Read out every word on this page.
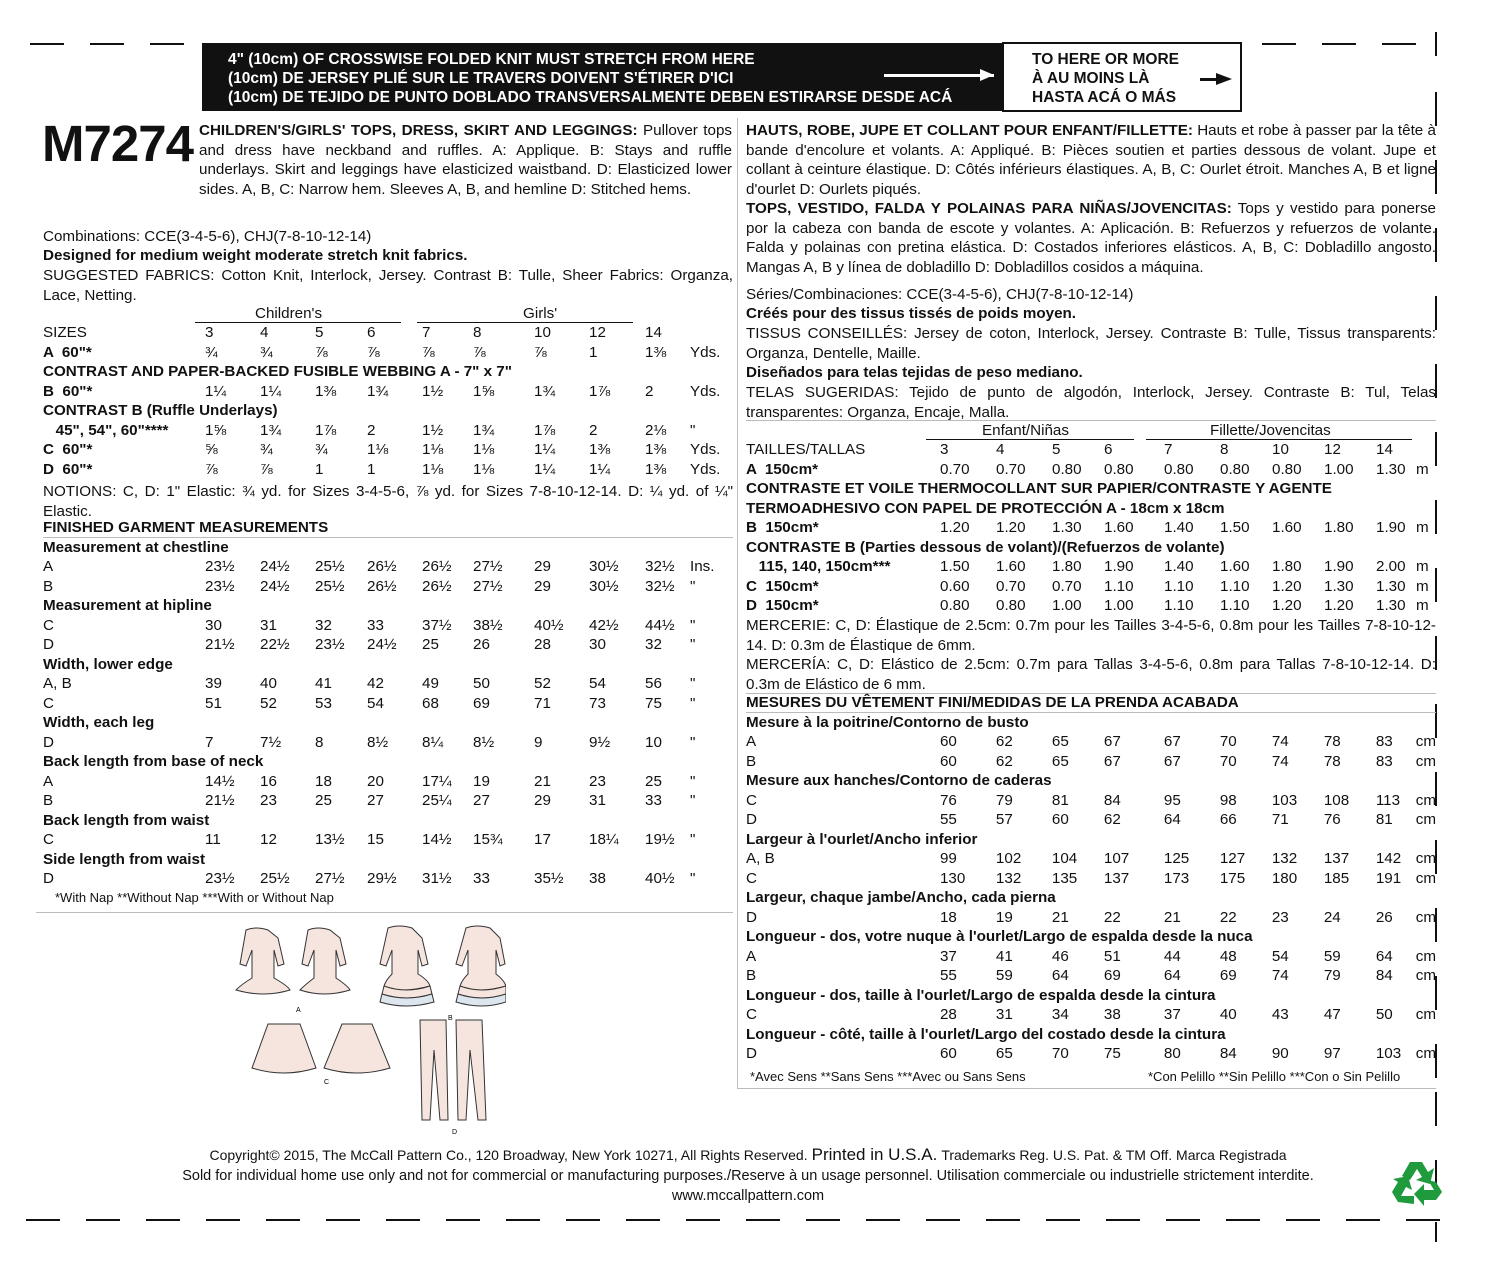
4" (10cm) OF CROSSWISE FOLDED KNIT MUST STRETCH FROM HERE
(10cm) DE JERSEY PLIÉ SUR LE TRAVERS DOIVENT S'ÉTIRER D'ICI
(10cm) DE TEJIDO DE PUNTO DOBLADO TRANSVERSALMENTE DEBEN ESTIRARSE DESDE ACÁ
TO HERE OR MORE
À AU MOINS LÀ
HASTA ACÁ O MÁS
M7274 CHILDREN'S/GIRLS' TOPS, DRESS, SKIRT AND LEGGINGS: Pullover tops and dress have neckband and ruffles. A: Applique. B: Stays and ruffle underlays. Skirt and leggings have elasticized waistband. D: Elasticized lower sides. A, B, C: Narrow hem. Sleeves A, B, and hemline D: Stitched hems.
Combinations: CCE(3-4-5-6), CHJ(7-8-10-12-14)
Designed for medium weight moderate stretch knit fabrics.
SUGGESTED FABRICS: Cotton Knit, Interlock, Jersey. Contrast B: Tulle, Sheer Fabrics: Organza, Lace, Netting.
Children's	Girls'
SIZES	3	4	5	6	7	8	10	12	14
A  60"*	¾	¾	⅞	⅞	⅞	⅞	⅞	1	1⅜	Yds.
CONTRAST AND PAPER-BACKED FUSIBLE WEBBING A - 7" x 7"
B  60"*	1¼	1¼	1⅜	1¾	1½	1⅝	1¾	1⅞	2	Yds.
CONTRAST B (Ruffle Underlays)
45", 54", 60"****	1⅝	1¾	1⅞	2	1½	1¾	1⅞	2	2⅛	"
C  60"*	⅝	¾	¾	1⅛	1⅛	1⅛	1¼	1⅜	1⅜	Yds.
D  60"*	⅞	⅞	1	1	1⅛	1⅛	1¼	1¼	1⅜	Yds.
NOTIONS: C, D: 1" Elastic: ¾ yd. for Sizes 3-4-5-6, ⅞ yd. for Sizes 7-8-10-12-14. D: ¼ yd. of ¼" Elastic.
FINISHED GARMENT MEASUREMENTS
Measurement at chestline
A	23½	24½	25½	26½	26½	27½	29	30½	32½	Ins.
B	23½	24½	25½	26½	26½	27½	29	30½	32½	"
Measurement at hipline
C	30	31	32	33	37½	38½	40½	42½	44½	"
D	21½	22½	23½	24½	25	26	28	30	32	"
Width, lower edge
A, B	39	40	41	42	49	50	52	54	56	"
C	51	52	53	54	68	69	71	73	75	"
Width, each leg
D	7	7½	8	8½	8¼	8½	9	9½	10	"
Back length from base of neck
A	14½	16	18	20	17¼	19	21	23	25	"
B	21½	23	25	27	25¼	27	29	31	33	"
Back length from waist
C	11	12	13½	15	14½	15¾	17	18¼	19½	"
Side length from waist
D	23½	25½	27½	29½	31½	33	35½	38	40½	"
*With Nap **Without Nap ***With or Without Nap
HAUTS, ROBE, JUPE ET COLLANT POUR ENFANT/FILLETTE: Hauts et robe à passer par la tête à bande d'encolure et volants. A: Appliqué. B: Pièces soutien et parties dessous de volant. Jupe et collant à ceinture élastique. D: Côtés inférieurs élastiques. A, B, C: Ourlet étroit. Manches A, B et ligne d'ourlet D: Ourlets piqués.
TOPS, VESTIDO, FALDA Y POLAINAS PARA NIÑAS/JOVENCITAS: Tops y vestido para ponerse por la cabeza con banda de escote y volantes. A: Aplicación. B: Refuerzos y refuerzos de volante. Falda y polainas con pretina elástica. D: Costados inferiores elásticos. A, B, C: Dobladillo angosto. Mangas A, B y línea de dobladillo D: Dobladillos cosidos a máquina.
Séries/Combinaciones: CCE(3-4-5-6), CHJ(7-8-10-12-14)
Créés pour des tissus tissés de poids moyen.
TISSUS CONSEILLÉS: Jersey de coton, Interlock, Jersey. Contraste B: Tulle, Tissus transparents: Organza, Dentelle, Maille.
Diseñados para telas tejidas de peso mediano.
TELAS SUGERIDAS: Tejido de punto de algodón, Interlock, Jersey. Contraste B: Tul, Telas transparentes: Organza, Encaje, Malla.
Enfant/Niñas	Fillette/Jovencitas
TAILLES/TALLAS	3	4	5	6	7	8	10	12	14
A  150cm*	0.70	0.70	0.80	0.80	0.80	0.80	0.80	1.00	1.30 m
CONTRASTE ET VOILE THERMOCOLLANT SUR PAPIER/CONTRASTE Y AGENTE
TERMOADHESIVO CON PAPEL DE PROTECCIÓN A - 18cm x 18cm
B  150cm*	1.20	1.20	1.30	1.60	1.40	1.50	1.60	1.80	1.90 m
CONTRASTE B (Parties dessous de volant)/(Refuerzos de volante)
115, 140, 150cm***	1.50	1.60	1.80	1.90	1.40	1.60	1.80	1.90	2.00 m
C  150cm*	0.60	0.70	0.70	1.10	1.10	1.10	1.20	1.30	1.30 m
D  150cm*	0.80	0.80	1.00	1.00	1.10	1.10	1.20	1.20	1.30 m
MERCERIE: C, D: Élastique de 2.5cm: 0.7m pour les Tailles 3-4-5-6, 0.8m pour les Tailles 7-8-10-12-14. D: 0.3m de Élastique de 6mm.
MERCERÍA: C, D: Elástico de 2.5cm: 0.7m para Tallas 3-4-5-6, 0.8m para Tallas 7-8-10-12-14. D: 0.3m de Elástico de 6 mm.
MESURES DU VÊTEMENT FINI/MEDIDAS DE LA PRENDA ACABADA
Mesure à la poitrine/Contorno de busto
A	60	62	65	67	67	70	74	78	83	cm
B	60	62	65	67	67	70	74	78	83	cm
Mesure aux hanches/Contorno de caderas
C	76	79	81	84	95	98	103	108	113	cm
D	55	57	60	62	64	66	71	76	81	cm
Largeur à l'ourlet/Ancho inferior
A, B	99	102	104	107	125	127	132	137	142 cm
C	130	132	135	137	173	175	180	185	191 cm
Largeur, chaque jambe/Ancho, cada pierna
D	18	19	21	22	21	22	23	24	26	cm
Longueur - dos, votre nuque à l'ourlet/Largo de espalda desde la nuca
A	37	41	46	51	44	48	54	59	64	cm
B	55	59	64	69	64	69	74	79	84	cm
Longueur - dos, taille à l'ourlet/Largo de espalda desde la cintura
C	28	31	34	38	37	40	43	47	50	cm
Longueur - côté, taille à l'ourlet/Largo del costado desde la cintura
D	60	65	70	75	80	84	90	97	103 cm
*Avec Sens **Sans Sens ***Avec ou Sans Sens	*Con Pelillo **Sin Pelillo ***Con o Sin Pelillo
A
B
C
D
Copyright© 2015, The McCall Pattern Co., 120 Broadway, New York 10271, All Rights Reserved. Printed in U.S.A. Trademarks Reg. U.S. Pat. & TM Off. Marca Registrada
Sold for individual home use only and not for commercial or manufacturing purposes./Reserve à un usage personnel. Utilisation commerciale ou industrielle strictement interdite.
www.mccallpattern.com
